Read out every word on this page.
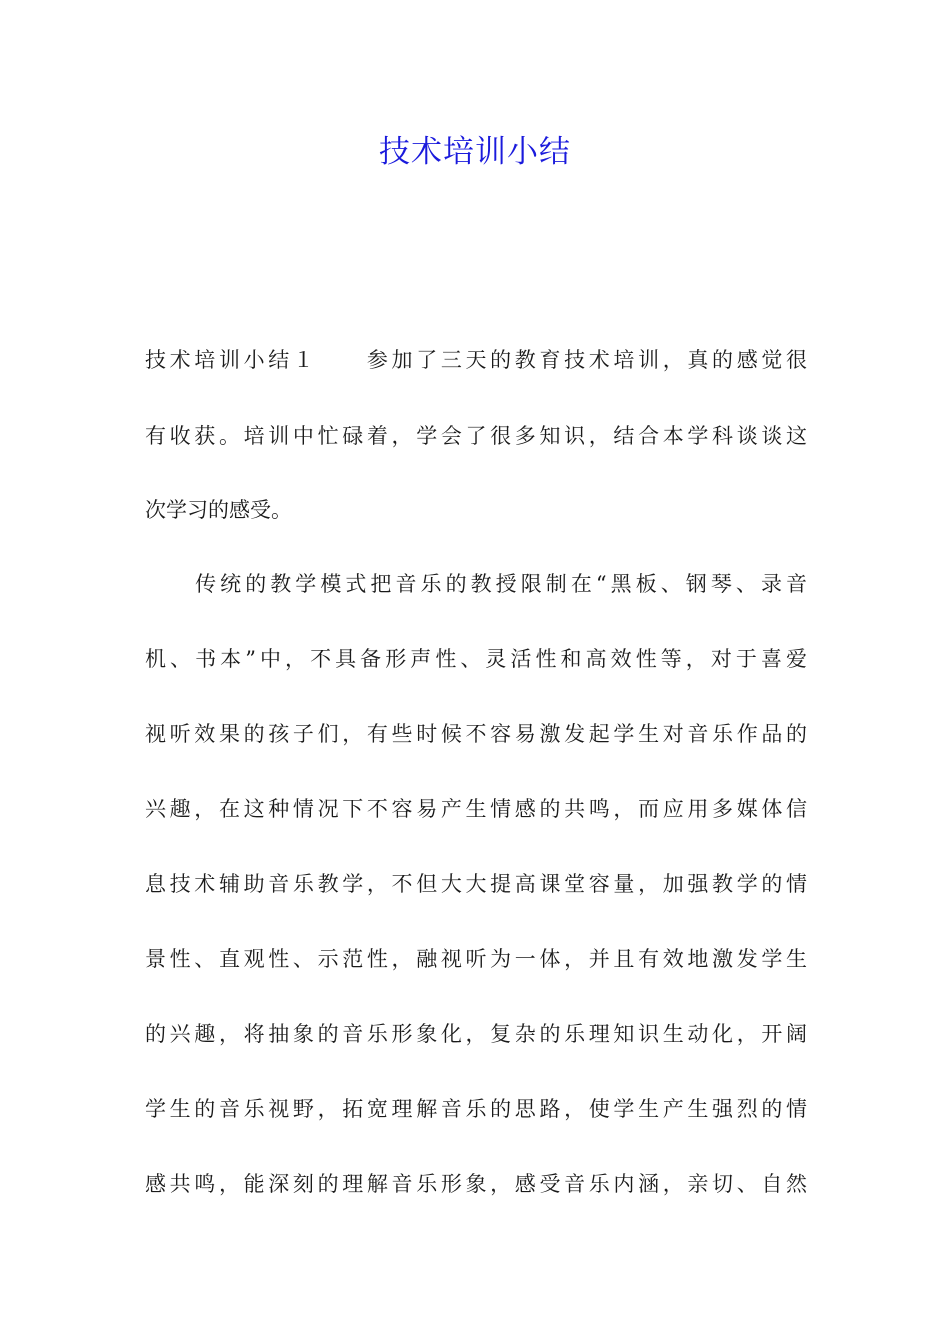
技术培训小结
技术培训小结１　　参加了三天的教育技术培训，真的感觉很
有收获。培训中忙碌着，学会了很多知识，结合本学科谈谈这
次学习的感受。
　　传统的教学模式把音乐的教授限制在“黑板、钢琴、录音
机、书本”中，不具备形声性、灵活性和高效性等，对于喜爱
视听效果的孩子们，有些时候不容易激发起学生对音乐作品的
兴趣，在这种情况下不容易产生情感的共鸣，而应用多媒体信
息技术辅助音乐教学，不但大大提高课堂容量，加强教学的情
景性、直观性、示范性，融视听为一体，并且有效地激发学生
的兴趣，将抽象的音乐形象化，复杂的乐理知识生动化，开阔
学生的音乐视野，拓宽理解音乐的思路，使学生产生强烈的情
感共鸣，能深刻的理解音乐形象，感受音乐内涵，亲切、自然
